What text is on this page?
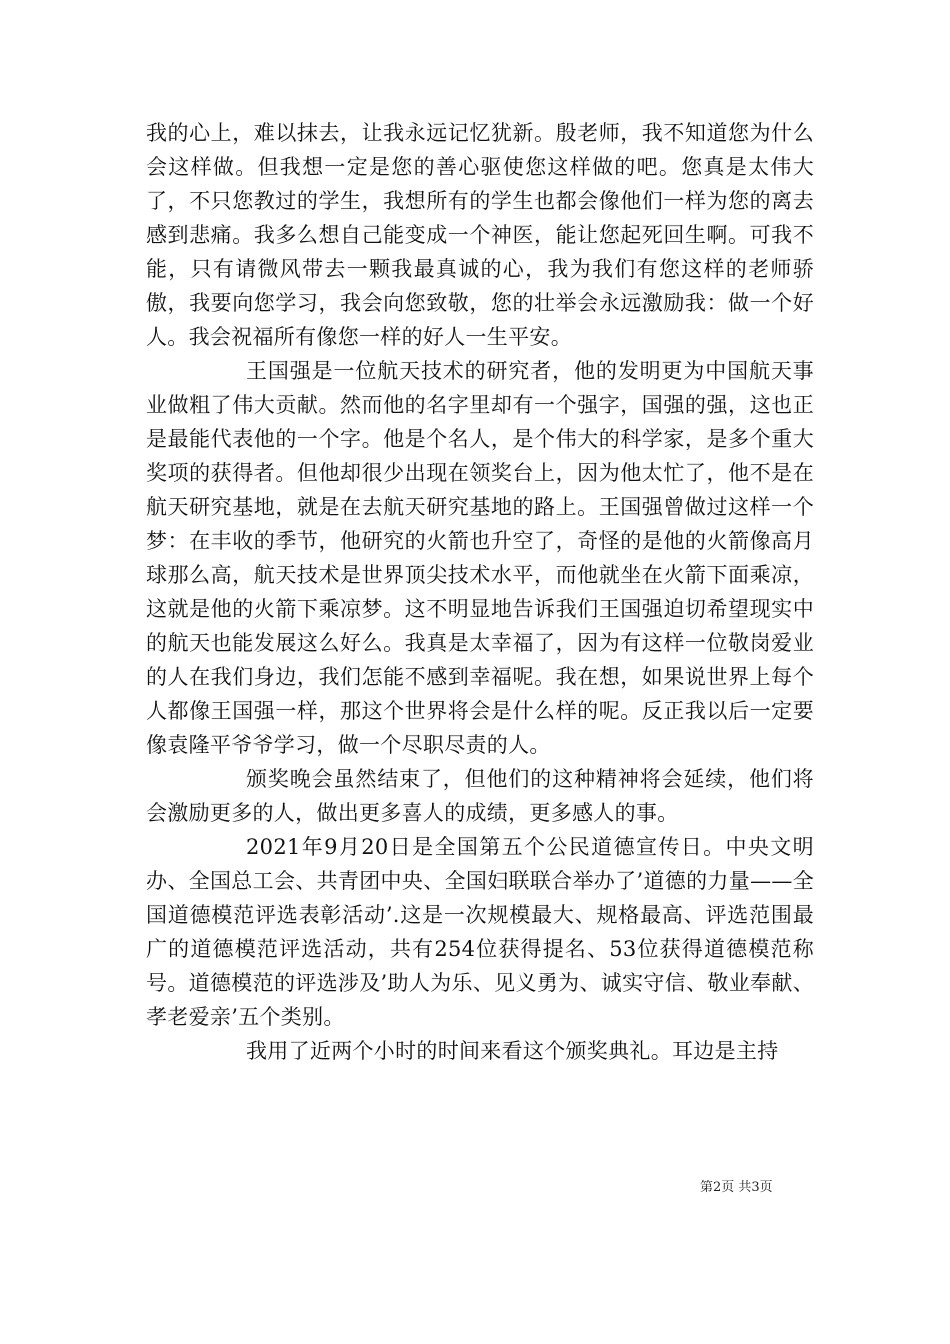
我的心上，难以抹去，让我永远记忆犹新。殷老师，我不知道您为什么会这样做。但我想一定是您的善心驱使您这样做的吧。您真是太伟大了，不只您教过的学生，我想所有的学生也都会像他们一样为您的离去感到悲痛。我多么想自己能变成一个神医，能让您起死回生啊。可我不能，只有请微风带去一颗我最真诚的心，我为我们有您这样的老师骄傲，我要向您学习，我会向您致敬，您的壮举会永远激励我：做一个好人。我会祝福所有像您一样的好人一生平安。

王国强是一位航天技术的研究者，他的发明更为中国航天事业做粗了伟大贡献。然而他的名字里却有一个强字，国强的强，这也正是最能代表他的一个字。他是个名人，是个伟大的科学家，是多个重大奖项的获得者。但他却很少出现在领奖台上，因为他太忙了，他不是在航天研究基地，就是在去航天研究基地的路上。王国强曾做过这样一个梦：在丰收的季节，他研究的火箭也升空了，奇怪的是他的火箭像高月球那么高，航天技术是世界顶尖技术水平，而他就坐在火箭下面乘凉，这就是他的火箭下乘凉梦。这不明显地告诉我们王国强迫切希望现实中的航天也能发展这么好么。我真是太幸福了，因为有这样一位敬岗爱业的人在我们身边，我们怎能不感到幸福呢。我在想，如果说世界上每个人都像王国强一样，那这个世界将会是什么样的呢。反正我以后一定要像袁隆平爷爷学习，做一个尽职尽责的人。

颁奖晚会虽然结束了，但他们的这种精神将会延续，他们将会激励更多的人，做出更多喜人的成绩，更多感人的事。

2021年9月20日是全国第五个公民道德宣传日。中央文明办、全国总工会、共青团中央、全国妇联联合举办了’道德的力量——全国道德模范评选表彰活动’.这是一次规模最大、规格最高、评选范围最广的道德模范评选活动，共有254位获得提名、53位获得道德模范称号。道德模范的评选涉及’助人为乐、见义勇为、诚实守信、敬业奉献、孝老爱亲’五个类别。

我用了近两个小时的时间来看这个颁奖典礼。耳边是主持

第2页 共3页
